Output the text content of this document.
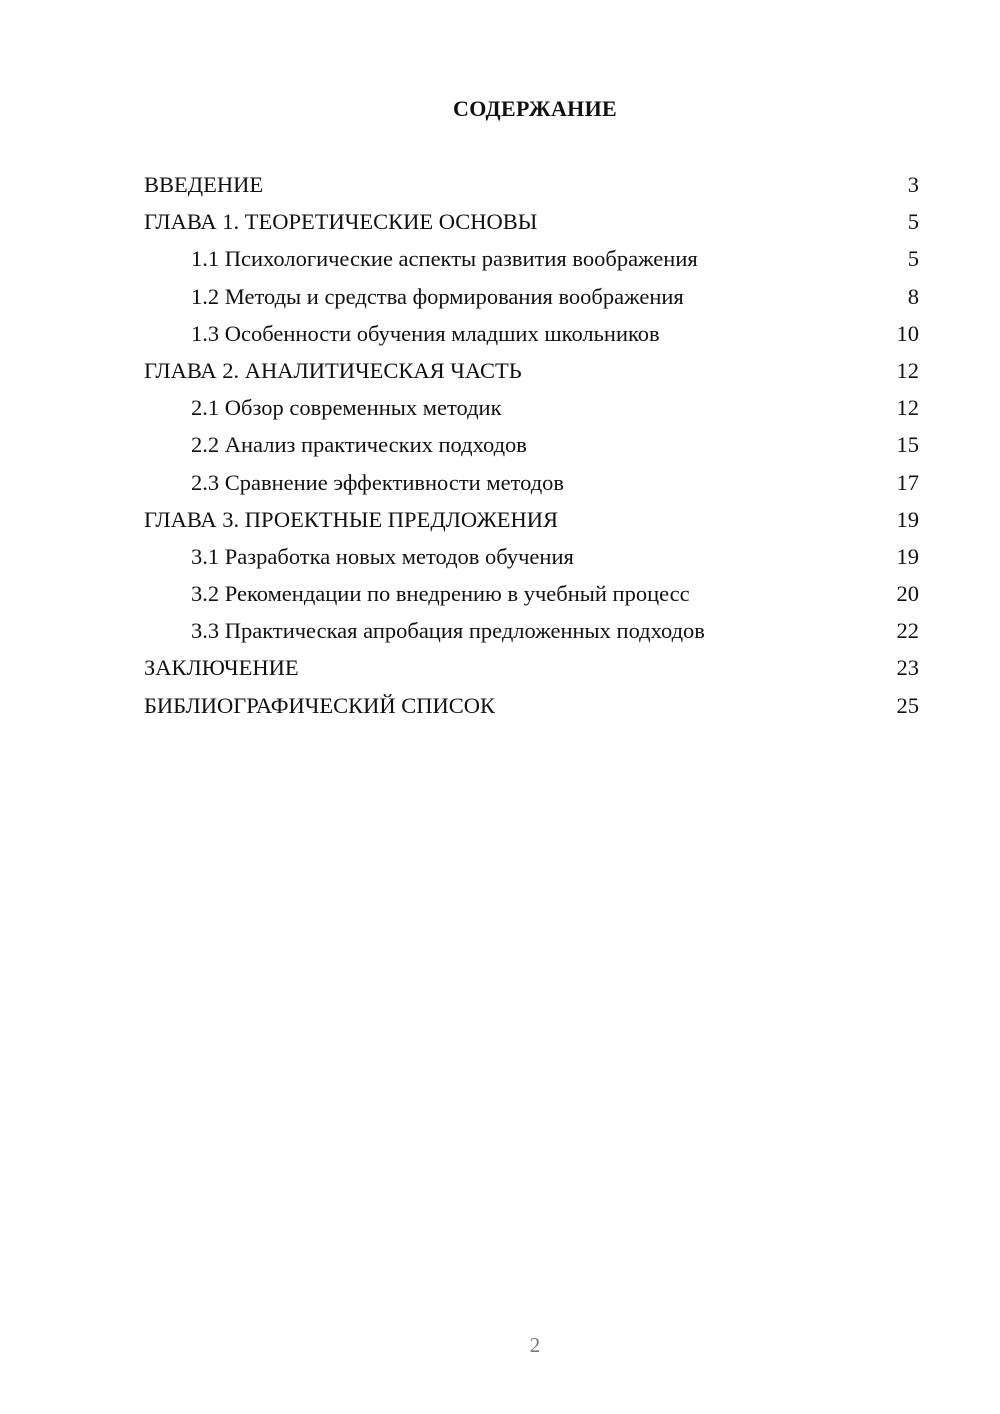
СОДЕРЖАНИЕ
ВВЕДЕНИЕ	3
ГЛАВА 1. ТЕОРЕТИЧЕСКИЕ ОСНОВЫ	5
1.1 Психологические аспекты развития воображения	5
1.2 Методы и средства формирования воображения	8
1.3 Особенности обучения младших школьников	10
ГЛАВА 2. АНАЛИТИЧЕСКАЯ ЧАСТЬ	12
2.1 Обзор современных методик	12
2.2 Анализ практических подходов	15
2.3 Сравнение эффективности методов	17
ГЛАВА 3. ПРОЕКТНЫЕ ПРЕДЛОЖЕНИЯ	19
3.1 Разработка новых методов обучения	19
3.2 Рекомендации по внедрению в учебный процесс	20
3.3 Практическая апробация предложенных подходов	22
ЗАКЛЮЧЕНИЕ	23
БИБЛИОГРАФИЧЕСКИЙ СПИСОК	25
2
